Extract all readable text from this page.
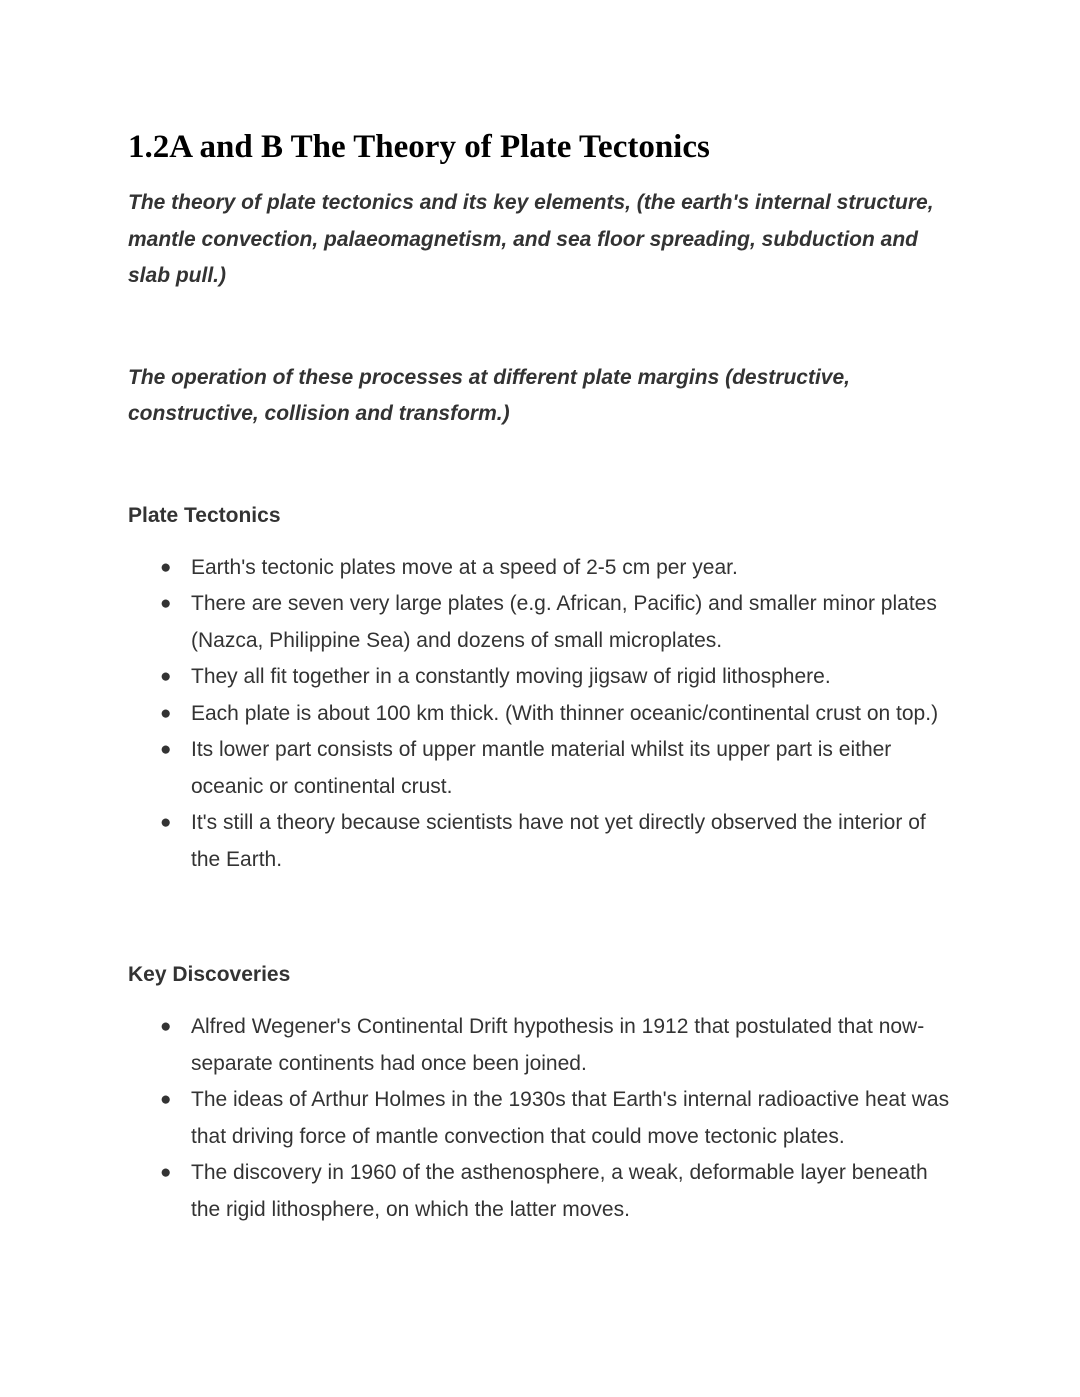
1.2A and B The Theory of Plate Tectonics

The theory of plate tectonics and its key elements, (the earth's internal structure, mantle convection, palaeomagnetism, and sea floor spreading, subduction and slab pull.)

The operation of these processes at different plate margins (destructive, constructive, collision and transform.)

Plate Tectonics
● Earth's tectonic plates move at a speed of 2-5 cm per year.
● There are seven very large plates (e.g. African, Pacific) and smaller minor plates (Nazca, Philippine Sea) and dozens of small microplates.
● They all fit together in a constantly moving jigsaw of rigid lithosphere.
● Each plate is about 100 km thick. (With thinner oceanic/continental crust on top.)
● Its lower part consists of upper mantle material whilst its upper part is either oceanic or continental crust.
● It's still a theory because scientists have not yet directly observed the interior of the Earth.
Key Discoveries
● Alfred Wegener's Continental Drift hypothesis in 1912 that postulated that now-separate continents had once been joined.
● The ideas of Arthur Holmes in the 1930s that Earth's internal radioactive heat was that driving force of mantle convection that could move tectonic plates.
● The discovery in 1960 of the asthenosphere, a weak, deformable layer beneath the rigid lithosphere, on which the latter moves.
